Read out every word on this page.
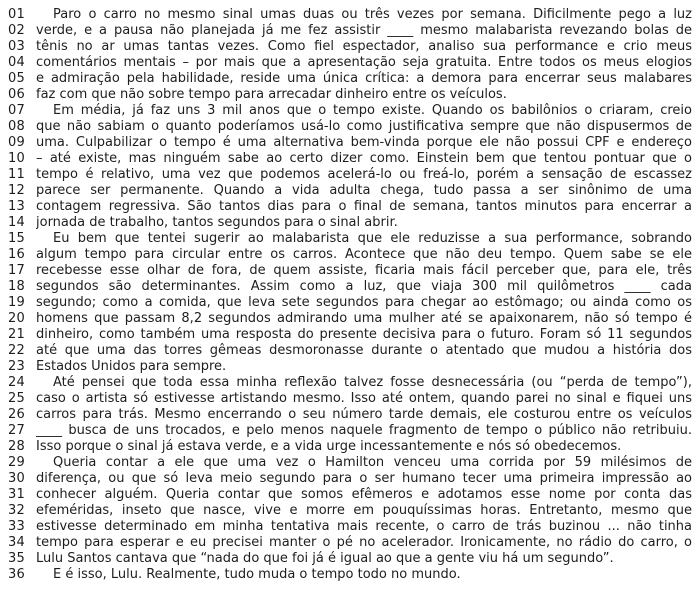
01	Paro o carro no mesmo sinal umas duas ou três vezes por semana. Dificilmente pego a luz
02 verde, e a pausa não planejada já me fez assistir ____ mesmo malabarista revezando bolas de
03 tênis no ar umas tantas vezes. Como fiel espectador, analiso sua performance e crio meus
04 comentários mentais – por mais que a apresentação seja gratuita. Entre todos os meus elogios
05 e admiração pela habilidade, reside uma única crítica: a demora para encerrar seus malabares
06 faz com que não sobre tempo para arrecadar dinheiro entre os veículos.
07	Em média, já faz uns 3 mil anos que o tempo existe. Quando os babilônios o criaram, creio
08 que não sabiam o quanto poderíamos usá-lo como justificativa sempre que não dispusermos de
09 uma. Culpabilizar o tempo é uma alternativa bem-vinda porque ele não possui CPF e endereço
10 – até existe, mas ninguém sabe ao certo dizer como. Einstein bem que tentou pontuar que o
11 tempo é relativo, uma vez que podemos acelerá-lo ou freá-lo, porém a sensação de escassez
12 parece ser permanente. Quando a vida adulta chega, tudo passa a ser sinônimo de uma
13 contagem regressiva. São tantos dias para o final de semana, tantos minutos para encerrar a
14 jornada de trabalho, tantos segundos para o sinal abrir.
15	Eu bem que tentei sugerir ao malabarista que ele reduzisse a sua performance, sobrando
16 algum tempo para circular entre os carros. Acontece que não deu tempo. Quem sabe se ele
17 recebesse esse olhar de fora, de quem assiste, ficaria mais fácil perceber que, para ele, três
18 segundos são determinantes. Assim como a luz, que viaja 300 mil quilômetros ____ cada
19 segundo; como a comida, que leva sete segundos para chegar ao estômago; ou ainda como os
20 homens que passam 8,2 segundos admirando uma mulher até se apaixonarem, não só tempo é
21 dinheiro, como também uma resposta do presente decisiva para o futuro. Foram só 11 segundos
22 até que uma das torres gêmeas desmoronasse durante o atentado que mudou a história dos
23 Estados Unidos para sempre.
24	Até pensei que toda essa minha reflexão talvez fosse desnecessária (ou “perda de tempo”),
25 caso o artista só estivesse artistando mesmo. Isso até ontem, quando parei no sinal e fiquei uns
26 carros para trás. Mesmo encerrando o seu número tarde demais, ele costurou entre os veículos
27 ____ busca de uns trocados, e pelo menos naquele fragmento de tempo o público não retribuiu.
28 Isso porque o sinal já estava verde, e a vida urge incessantemente e nós só obedecemos.
29	Queria contar a ele que uma vez o Hamilton venceu uma corrida por 59 milésimos de
30 diferença, ou que só leva meio segundo para o ser humano tecer uma primeira impressão ao
31 conhecer alguém. Queria contar que somos efêmeros e adotamos esse nome por conta das
32 efeméridas, inseto que nasce, vive e morre em pouquíssimas horas. Entretanto, mesmo que
33 estivesse determinado em minha tentativa mais recente, o carro de trás buzinou ... não tinha
34 tempo para esperar e eu precisei manter o pé no acelerador. Ironicamente, no rádio do carro, o
35 Lulu Santos cantava que “nada do que foi já é igual ao que a gente viu há um segundo”.
36	E é isso, Lulu. Realmente, tudo muda o tempo todo no mundo.
